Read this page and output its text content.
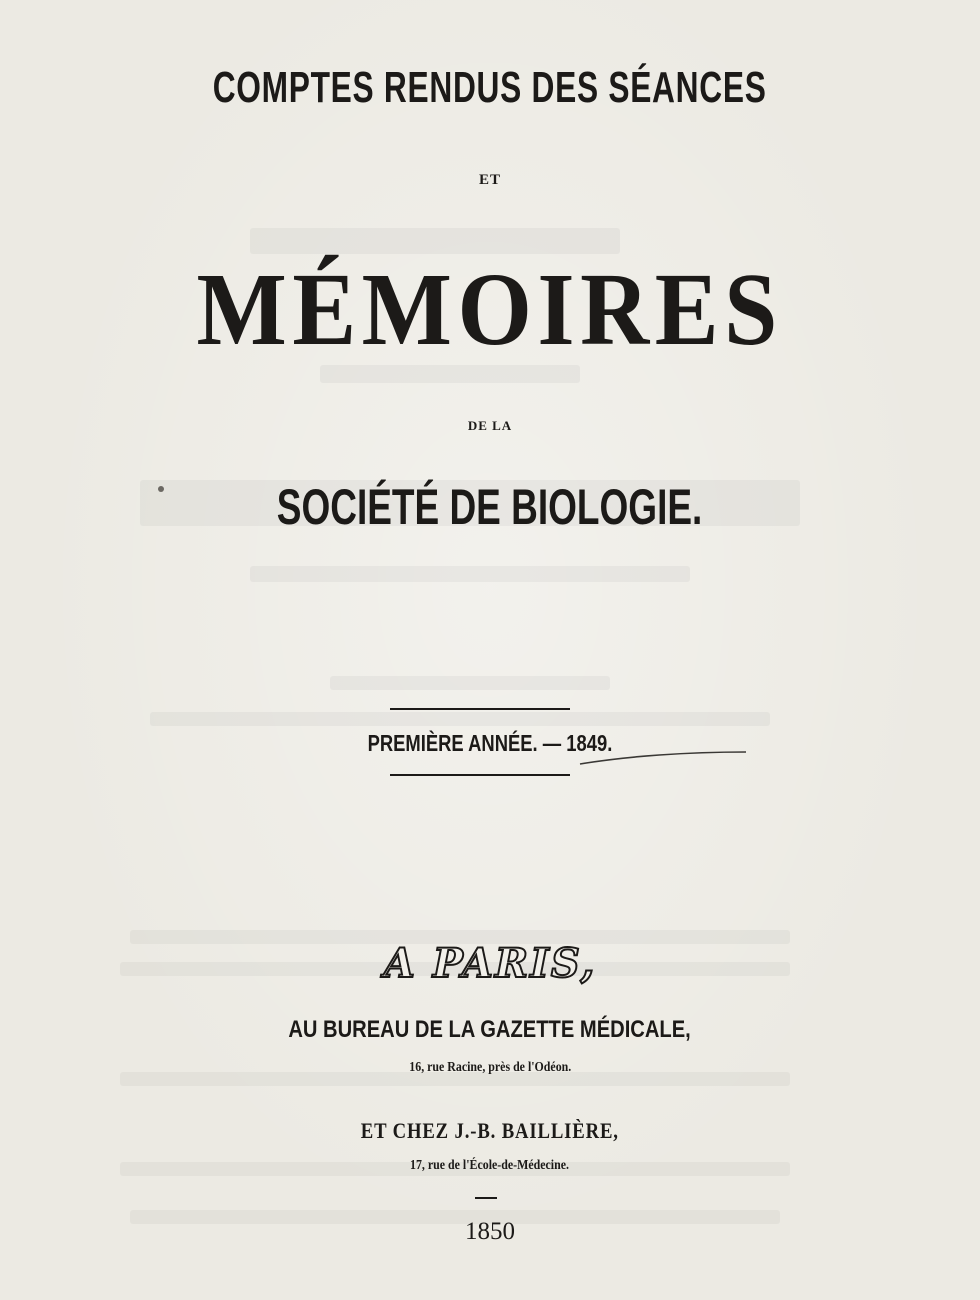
COMPTES RENDUS DES SÉANCES
ET
MÉMOIRES
DE LA
SOCIÉTÉ DE BIOLOGIE.
PREMIÈRE ANNÉE. — 1849.
A PARIS,
AU BUREAU DE LA GAZETTE MÉDICALE,
16, rue Racine, près de l'Odéon.
ET CHEZ J.-B. BAILLIÈRE,
17, rue de l'École-de-Médecine.
1850
